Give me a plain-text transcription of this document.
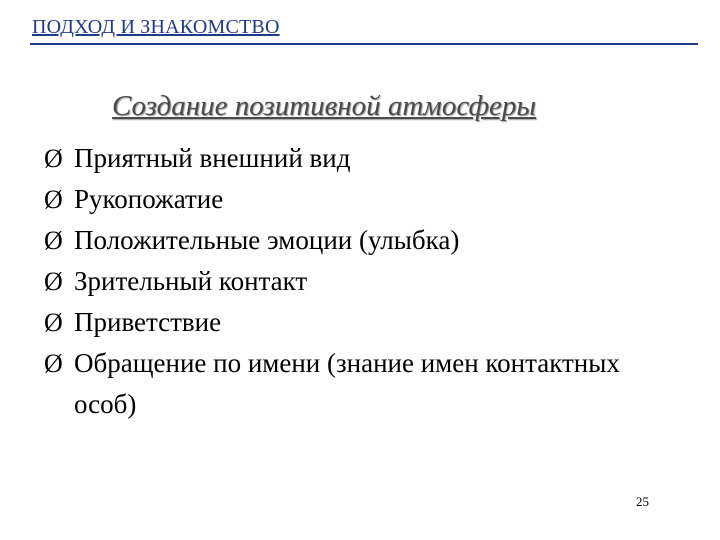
ПОДХОД И ЗНАКОМСТВО
Создание позитивной атмосферы
Ø Приятный внешний вид
Ø Рукопожатие
Ø Положительные эмоции (улыбка)
Ø Зрительный контакт
Ø Приветствие
Ø Обращение по имени (знание имен контактных особ)
25
